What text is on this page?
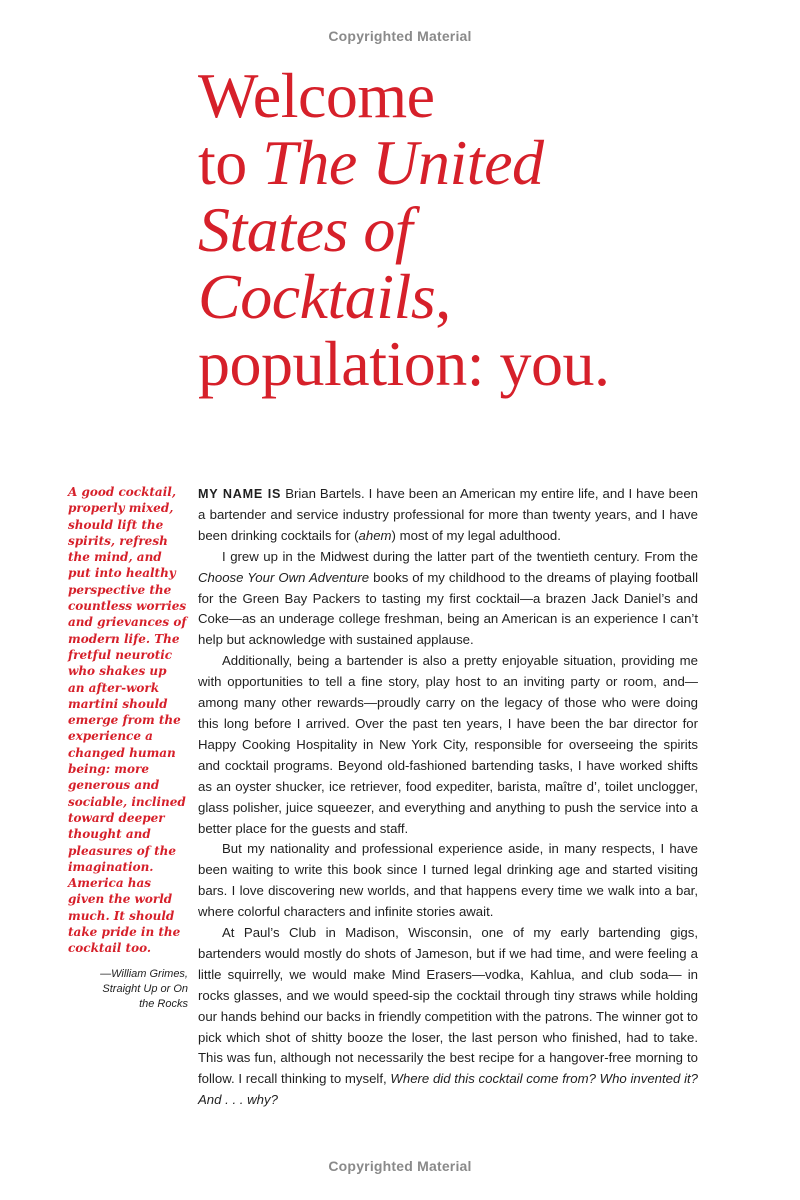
Copyrighted Material
Welcome
to The United
States of
Cocktails,
population: you.

A good cocktail,
properly mixed,
should lift the
spirits, refresh
the mind, and
put into healthy
perspective the
countless worries
and grievances of
modern life. The
fretful neurotic
who shakes up
an after-work
martini should
emerge from the
experience a
changed human
being: more
generous and
sociable, inclined
toward deeper
thought and
pleasures of the
imagination.
America has
given the world
much. It should
take pride in the
cocktail too.

—William Grimes,
Straight Up or On
the Rocks

MY NAME IS Brian Bartels. I have been an American my entire life, and I have been a bartender and service industry professional for more than twenty years, and I have been drinking cocktails for (ahem) most of my legal adulthood.

I grew up in the Midwest during the latter part of the twentieth century. From the Choose Your Own Adventure books of my childhood to the dreams of playing football for the Green Bay Packers to tasting my first cocktail—a brazen Jack Daniel’s and Coke—as an underage college freshman, being an American is an experience I can’t help but acknowledge with sustained applause.

Additionally, being a bartender is also a pretty enjoyable situation, providing me with opportunities to tell a fine story, play host to an inviting party or room, and—among many other rewards—proudly carry on the legacy of those who were doing this long before I arrived. Over the past ten years, I have been the bar director for Happy Cooking Hospitality in New York City, responsible for overseeing the spirits and cocktail programs. Beyond old-fashioned bartending tasks, I have worked shifts as an oyster shucker, ice retriever, food expediter, barista, maître d’, toilet unclogger, glass polisher, juice squeezer, and everything and anything to push the service into a better place for the guests and staff.

But my nationality and professional experience aside, in many respects, I have been waiting to write this book since I turned legal drinking age and started visiting bars. I love discovering new worlds, and that happens every time we walk into a bar, where colorful characters and infinite stories await.

At Paul’s Club in Madison, Wisconsin, one of my early bartending gigs, bartenders would mostly do shots of Jameson, but if we had time, and were feeling a little squirrelly, we would make Mind Erasers—vodka, Kahlua, and club soda— in rocks glasses, and we would speed-sip the cocktail through tiny straws while holding our hands behind our backs in friendly competition with the patrons. The winner got to pick which shot of shitty booze the loser, the last person who finished, had to take. This was fun, although not necessarily the best recipe for a hangover-free morning to follow. I recall thinking to myself, Where did this cocktail come from? Who invented it? And . . . why?

Copyrighted Material
